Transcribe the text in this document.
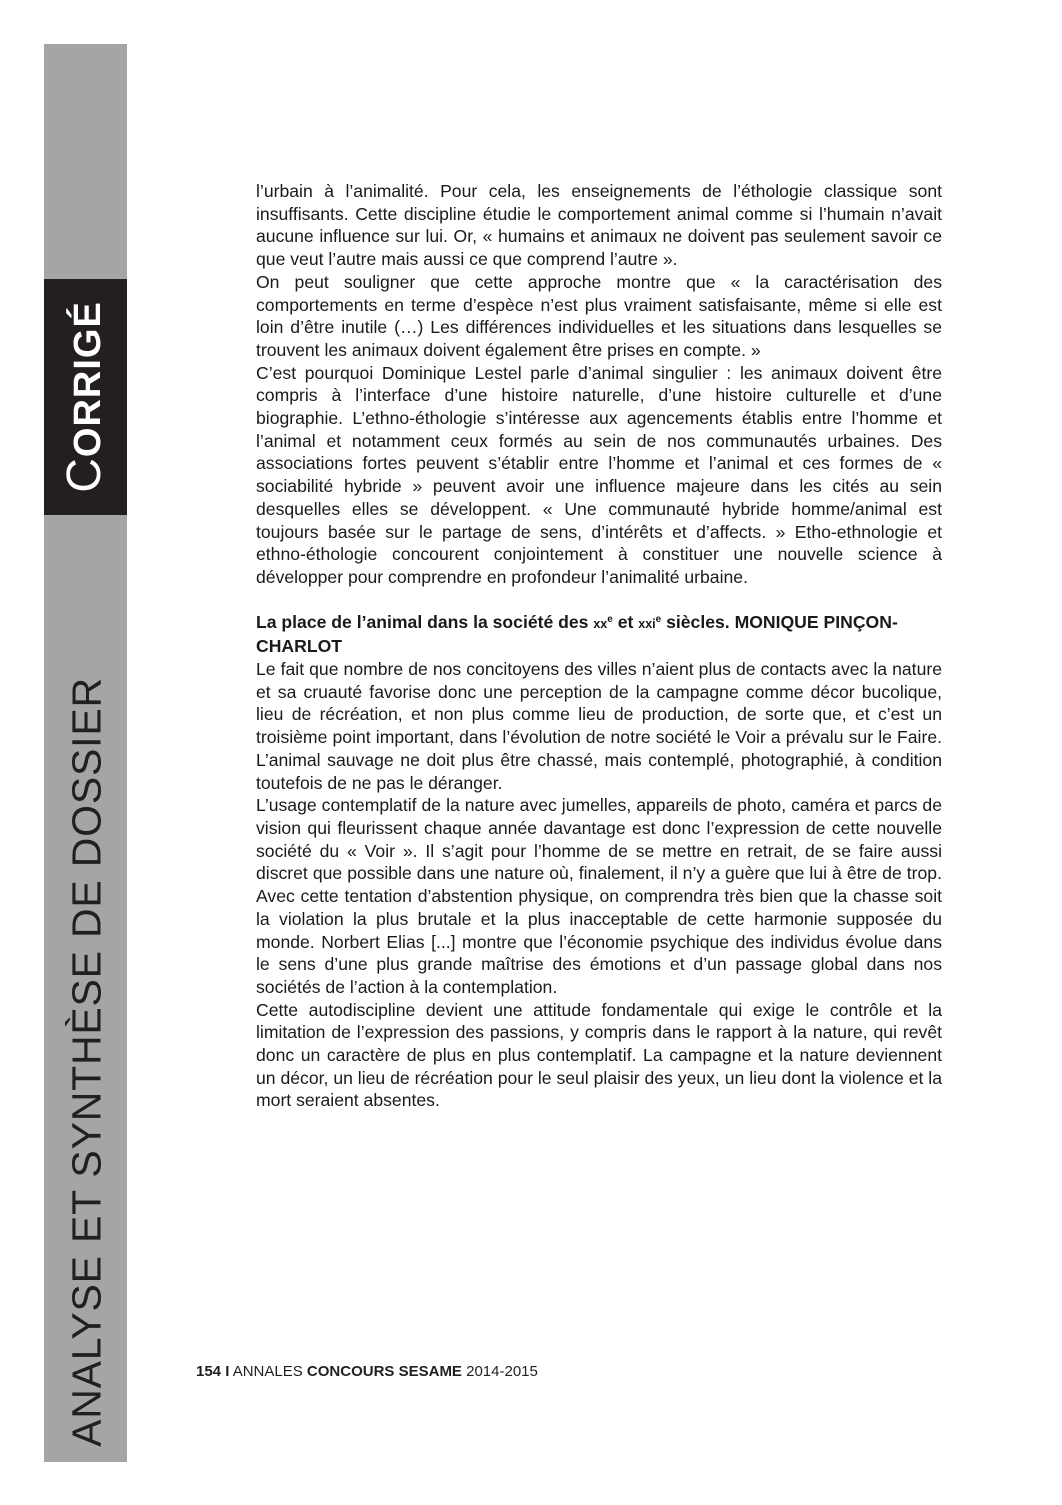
CORRIGÉ
ANALYSE ET SYNTHÈSE DE DOSSIER

l’urbain à l’animalité. Pour cela, les enseignements de l’éthologie classique sont insuffisants. Cette discipline étudie le comportement animal comme si l’humain n’avait aucune influence sur lui. Or, « humains et animaux ne doivent pas seulement savoir ce que veut l’autre mais aussi ce que comprend l’autre ».

On peut souligner que cette approche montre que « la caractérisation des comportements en terme d’espèce n’est plus vraiment satisfaisante, même si elle est loin d’être inutile (…) Les différences individuelles et les situations dans lesquelles se trouvent les animaux doivent également être prises en compte. »

C’est pourquoi Dominique Lestel parle d’animal singulier : les animaux doivent être compris à l’interface d’une histoire naturelle, d’une histoire culturelle et d’une biographie. L’ethno-éthologie s’intéresse aux agencements établis entre l’homme et l’animal et notamment ceux formés au sein de nos communautés urbaines. Des associations fortes peuvent s’établir entre l’homme et l’animal et ces formes de « sociabilité hybride » peuvent avoir une influence majeure dans les cités au sein desquelles elles se développent. « Une communauté hybride homme/animal est toujours basée sur le partage de sens, d’intérêts et d’affects. » Etho-ethnologie et ethno-éthologie concourent conjointement à constituer une nouvelle science à développer pour comprendre en profondeur l’animalité urbaine.

La place de l’animal dans la société des $xx^e$ et xxi$^e$ siècles. MONIQUE PINÇON-CHARLOT

Le fait que nombre de nos concitoyens des villes n’aient plus de contacts avec la nature et sa cruauté favorise donc une perception de la campagne comme décor bucolique, lieu de récréation, et non plus comme lieu de production, de sorte que, et c’est un troisième point important, dans l’évolution de notre société le Voir a prévalu sur le Faire. L’animal sauvage ne doit plus être chassé, mais contemplé, photographié, à condition toutefois de ne pas le déranger.

L’usage contemplatif de la nature avec jumelles, appareils de photo, caméra et parcs de vision qui fleurissent chaque année davantage est donc l’expression de cette nouvelle société du « Voir ». Il s’agit pour l’homme de se mettre en retrait, de se faire aussi discret que possible dans une nature où, finalement, il n’y a guère que lui à être de trop. Avec cette tentation d’abstention physique, on comprendra très bien que la chasse soit la violation la plus brutale et la plus inacceptable de cette harmonie supposée du monde. Norbert Elias [...] montre que l’économie psychique des individus évolue dans le sens d’une plus grande maîtrise des émotions et d’un passage global dans nos sociétés de l’action à la contemplation.

Cette autodiscipline devient une attitude fondamentale qui exige le contrôle et la limitation de l’expression des passions, y compris dans le rapport à la nature, qui revêt donc un caractère de plus en plus contemplatif. La campagne et la nature deviennent un décor, un lieu de récréation pour le seul plaisir des yeux, un lieu dont la violence et la mort seraient absentes.

154 I ANNALES CONCOURS SESAME 2014-2015
